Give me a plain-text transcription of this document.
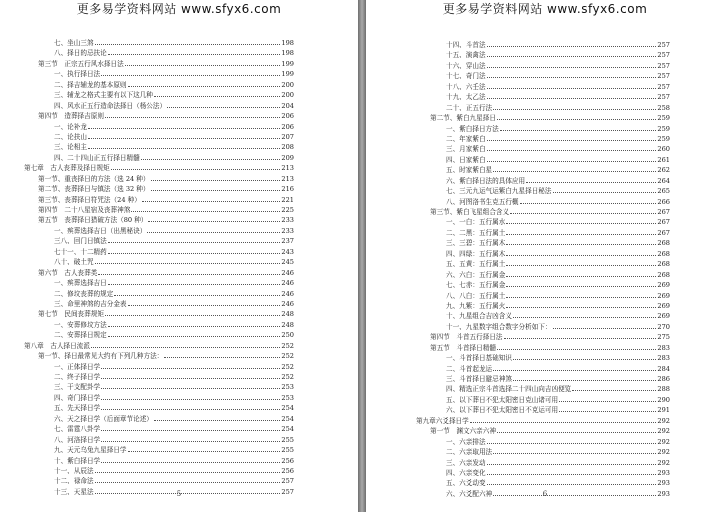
更多易学资料网站 www.sfyx6.com
七、坐山三煞	198
八、择日的忌扶论	198
第三节　正宗五行风水择日法	199
一、执行择日法	199
二、择吉辅龙的基本原则	200
三、辅龙之格式主要有以下这几种	200
四、风水正五行造命法择日（杨公法）	204
第四节　造葬择吉原则	206
一、论补龙	206
二、论扶山	207
三、论相主	208
四、二十四山正五行择日精髓	209
第七章　古人丧葬及择日规矩	213
第一节、重丧择日的方法（选 24 种）	213
第二节、丧葬择日与镇法（选 32 种）	216
第三节、丧葬择日符咒法（24 种）	221
第四节　二十八星宿及丧葬神煞	225
第五节　丧葬择日猎破方法（80 种）	233
一、殡葬选择吉日（出黑秘诀）	233
三八、回门日镇法	237
七十一、十二精药	243
八十、破土咒	245
第六节　古人丧葬类	246
一、殡葬选择吉日	246
二、修坟丧葬的规定	246
三、命里神煞的吉分金表	246
第七节　民间丧葬规矩	248
一、安葬修坟方法	248
二、安葬择日规定	250
第八章　古人择日流派	252
第一节、择日最常见大约有下列几种方法：	252
一、正体择日学	252
二、终子择日学	252
三、干支配卦学	253
四、奇门择日学	253
五、先天择日学	254
六、天之择日学（后面章节论述）	254
七、雷霆八卦学	254
八、河洛择日学	255
九、天元乌兔九星择日学	255
十、紫白择日学	256
十一、从辰法	256
十二、禄命法	257
十三、天星法	257
5
更多易学资料网站 www.sfyx6.com
十四、斗首法	257
十五、演禽法	257
十六、穿山法	257
十七、奇门法	257
十八、六壬法	257
十九、太乙法	257
二十、正五行法	258
第二节、紫白九星择日	259
一、紫白择日方法	259
二、年家紫白	259
三、月家紫白	260
四、日家紫白	261
五、时家紫白星	262
六、紫白择日法的具体应用	264
七、三元九运气运紫白九星择日秘法	265
八、河图洛书生克五行概	266
第三节、紫白飞星组合含义	267
一、一白：五行属水	267
二、二黑：五行属土	267
三、三碧：五行属木	268
四、四绿：五行属木	268
五、五黄：五行属土	268
六、六白：五行属金	268
七、七赤：五行属金	269
八、八白：五行属土	269
九、九紫：五行属火	269
十、九星组合吉凶含义	269
十一、九星数字组合数字分析如下：	270
第四节　斗首五行择日法	275
第五节　斗首择日精髓	283
一、斗首择日基础知识	283
二、斗首起龙运	284
三、斗首择日避忌神煞	286
四、精选正宗斗首选择二十四山向吉凶便览	288
五、以下葬日不犯太阳密日克山诸可用	290
六、以下葬日不犯太阳密日不克运可用	291
第九章六爻择日学	292
第一节　渊文六亲六神	292
一、六亲排法	292
二、六亲取用法	292
三、六亲发动	292
四、六亲变化	293
五、六爻动变	293
六、六爻配六神	293
6
